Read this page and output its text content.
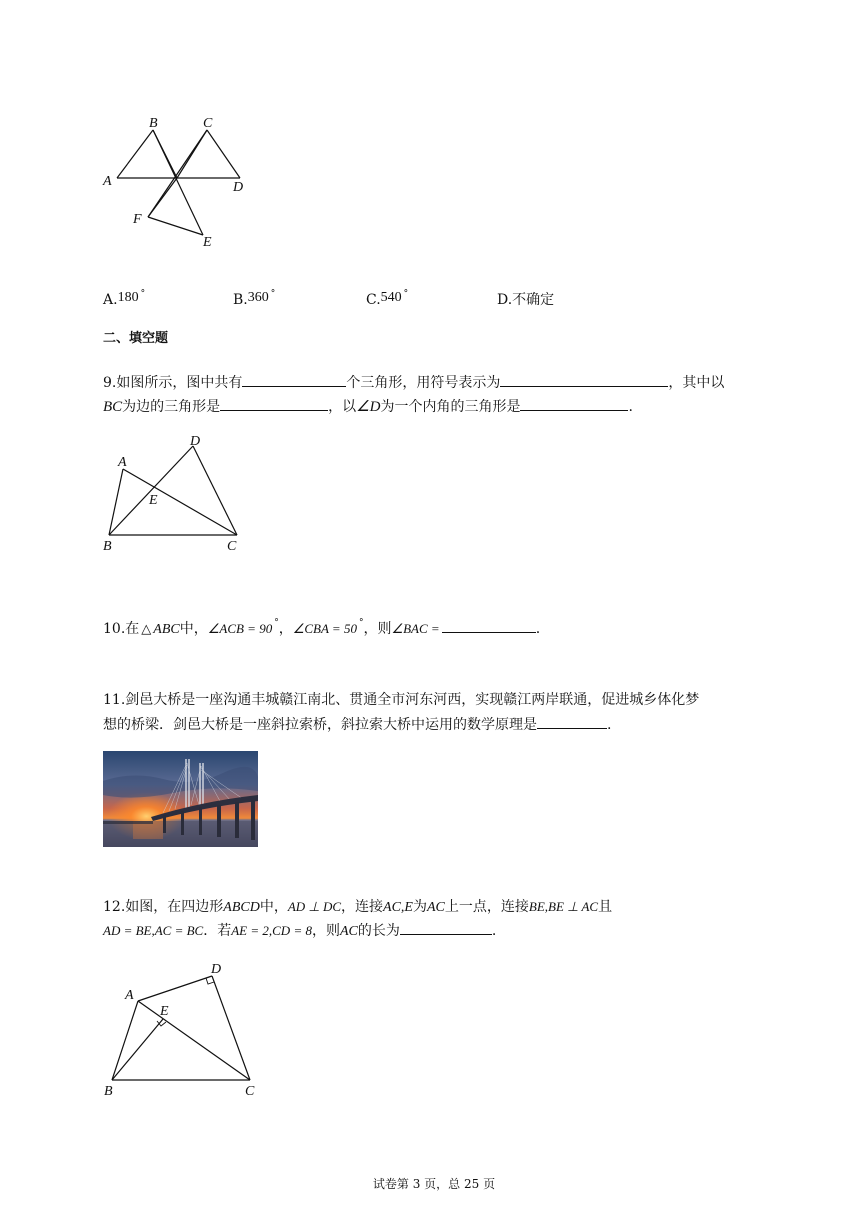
A
B	C
D
F
E
A.180 °	B.360 °	C.540 °	D.不确定
二、填空题
9.如图所示，图中共有	个三角形，用符号表示为	，其中以
BC为边的三角形是	，以∠D为一个内角的三角形是	.
A
D
E
B	C
10.在 △ ABC中，∠ACB = 90 °，∠CBA = 50 °，则∠BAC =	.
11.剑邑大桥是一座沟通丰城赣江南北、贯通全市河东河西，实现赣江两岸联通，促进城乡体化梦
想的桥梁．剑邑大桥是一座斜拉索桥，斜拉索大桥中运用的数学原理是	.
12.如图，在四边形ABCD中，AD ⊥ DC，连接AC,E为AC上一点，连接BE,BE ⊥ AC且
AD = BE,AC = BC．若AE = 2,CD = 8，则AC的长为	.
A
D
E
B	C
试卷第 3 页，总 25 页
